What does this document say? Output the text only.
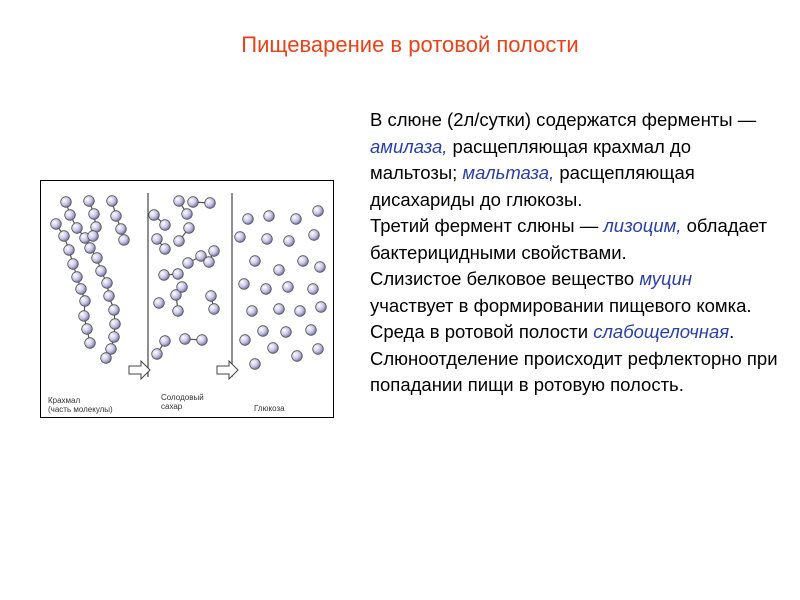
Пищеварение в ротовой полости
Крахмал
(часть молекулы)
Солодовый
сахар	Глюкоза

В слюне (2л/сутки) содержатся ферменты — амилаза, расщепляющая крахмал до мальтозы; мальтаза, расщепляющая дисахариды до глюкозы.

Третий фермент слюны — лизоцим, обладает бактерицидными свойствами.

Слизистое белковое вещество муцин участвует в формировании пищевого комка. Среда в ротовой полости слабощелочная.

Слюноотделение происходит рефлекторно при попадании пищи в ротовую полость.
